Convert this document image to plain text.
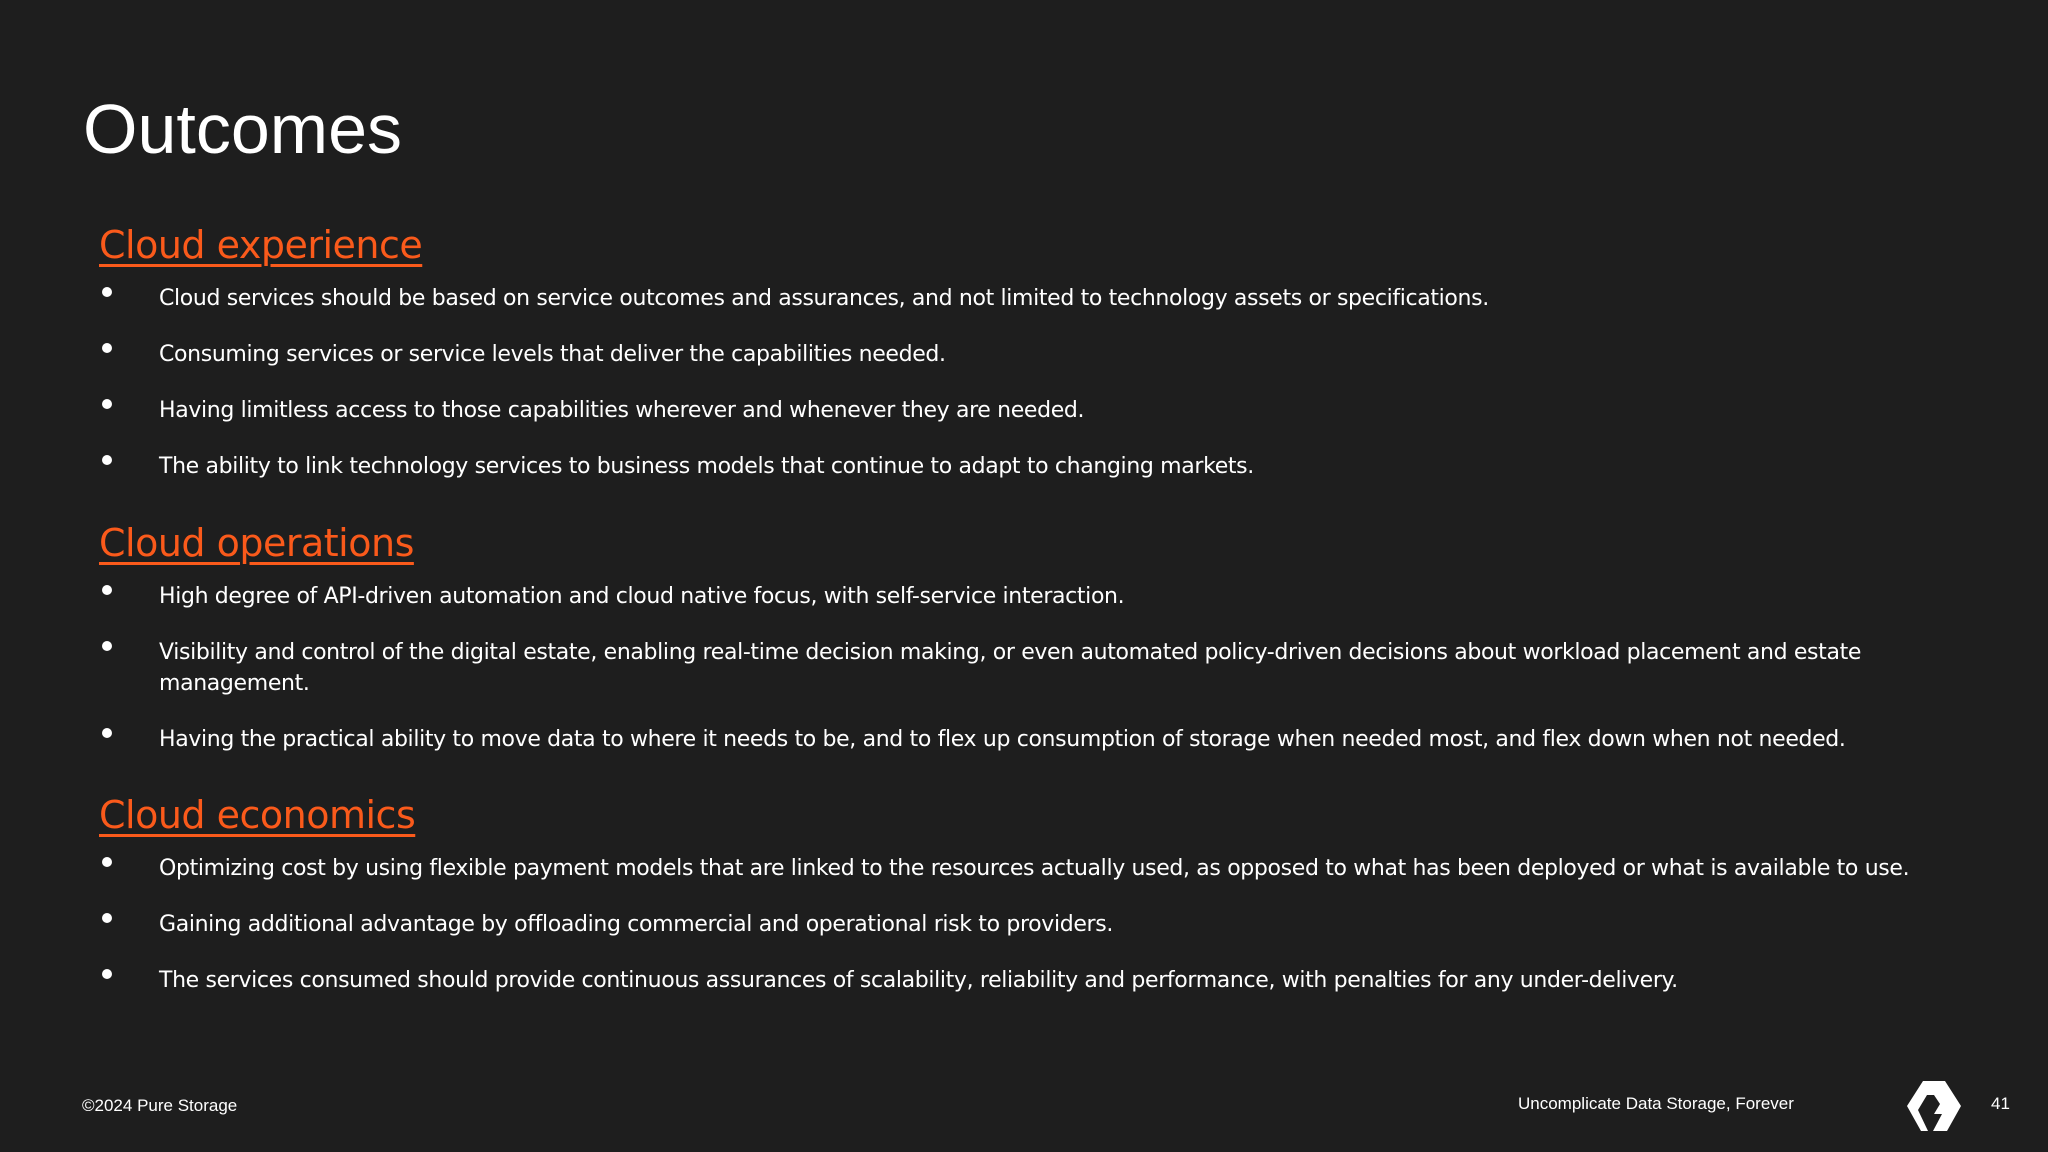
Outcomes
Cloud experience
Cloud services should be based on service outcomes and assurances, and not limited to technology assets or specifications.
Consuming services or service levels that deliver the capabilities needed.
Having limitless access to those capabilities wherever and whenever they are needed.
The ability to link technology services to business models that continue to adapt to changing markets.
Cloud operations
High degree of API-driven automation and cloud native focus, with self-service interaction.
Visibility and control of the digital estate, enabling real-time decision making, or even automated policy-driven decisions about workload placement and estate management.
Having the practical ability to move data to where it needs to be, and to flex up consumption of storage when needed most, and flex down when not needed.
Cloud economics
Optimizing cost by using flexible payment models that are linked to the resources actually used, as opposed to what has been deployed or what is available to use.
Gaining additional advantage by offloading commercial and operational risk to providers.
The services consumed should provide continuous assurances of scalability, reliability and performance, with penalties for any under-delivery.
©2024 Pure Storage	Uncomplicate Data Storage, Forever	41
